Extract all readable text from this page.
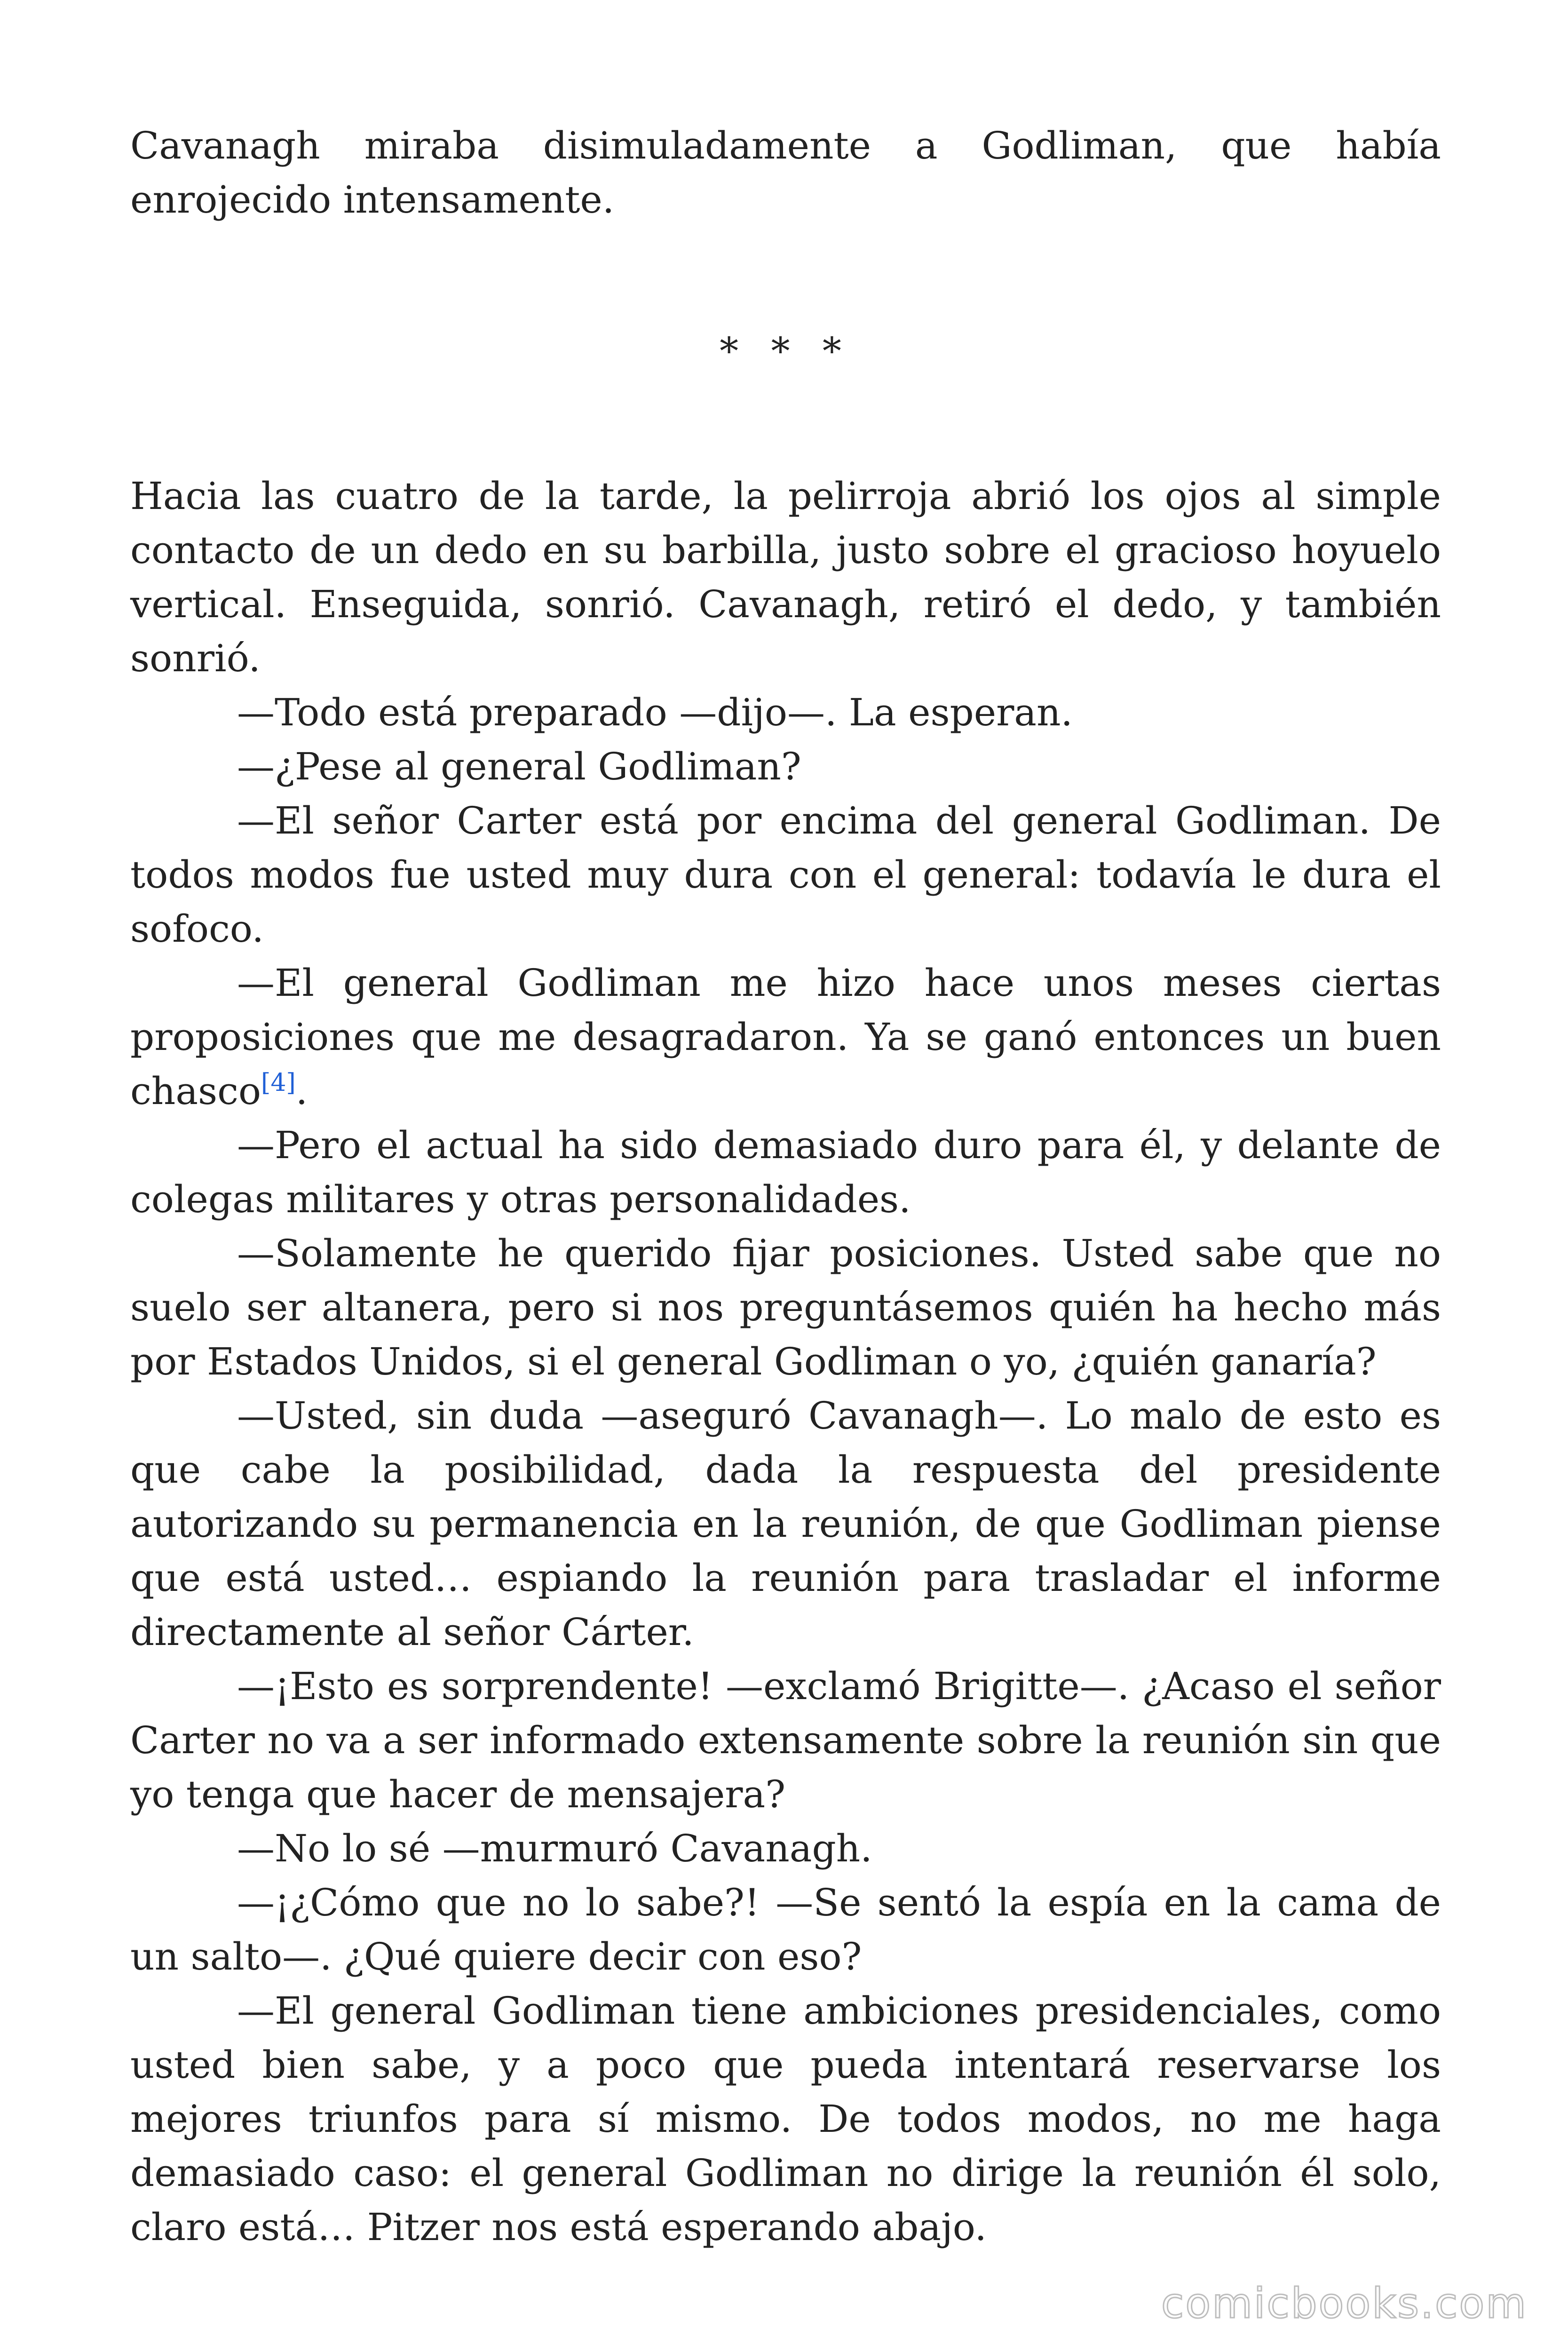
Cavanagh miraba disimuladamente a Godliman, que había enrojecido intensamente.

* * *

Hacia las cuatro de la tarde, la pelirroja abrió los ojos al simple contacto de un dedo en su barbilla, justo sobre el gracioso hoyuelo vertical. Enseguida, sonrió. Cavanagh, retiró el dedo, y también sonrió.

—Todo está preparado —dijo—. La esperan.

—¿Pese al general Godliman?

—El señor Carter está por encima del general Godliman. De todos modos fue usted muy dura con el general: todavía le dura el sofoco.

—El general Godliman me hizo hace unos meses ciertas proposiciones que me desagradaron. Ya se ganó entonces un buen chasco[4].

—Pero el actual ha sido demasiado duro para él, y delante de colegas militares y otras personalidades.

—Solamente he querido fijar posiciones. Usted sabe que no suelo ser altanera, pero si nos preguntásemos quién ha hecho más por Estados Unidos, si el general Godliman o yo, ¿quién ganaría?

—Usted, sin duda —aseguró Cavanagh—. Lo malo de esto es que cabe la posibilidad, dada la respuesta del presidente autorizando su permanencia en la reunión, de que Godliman piense que está usted… espiando la reunión para trasladar el informe directamente al señor Cárter.

—¡Esto es sorprendente! —exclamó Brigitte—. ¿Acaso el señor Carter no va a ser informado extensamente sobre la reunión sin que yo tenga que hacer de mensajera?

—No lo sé —murmuró Cavanagh.

—¡¿Cómo que no lo sabe?! —Se sentó la espía en la cama de un salto—. ¿Qué quiere decir con eso?

—El general Godliman tiene ambiciones presidenciales, como usted bien sabe, y a poco que pueda intentará reservarse los mejores triunfos para sí mismo. De todos modos, no me haga demasiado caso: el general Godliman no dirige la reunión él solo, claro está… Pitzer nos está esperando abajo.

comicbooks.com
